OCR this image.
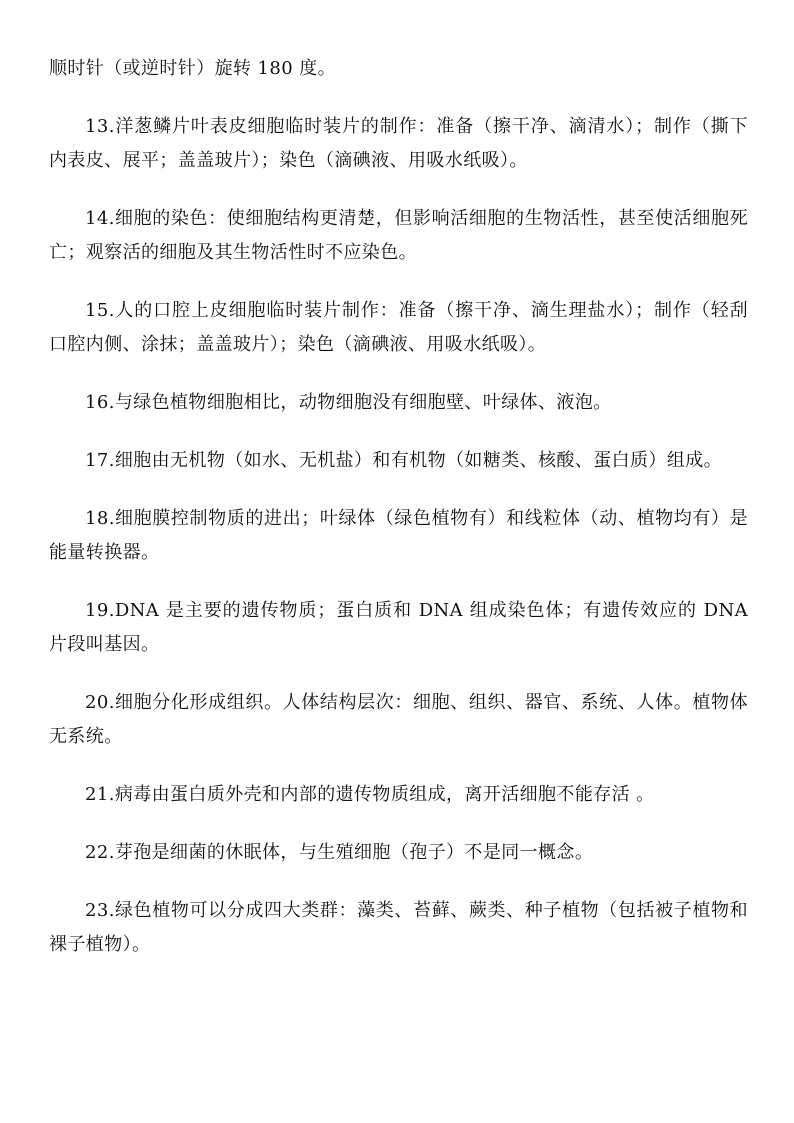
顺时针（或逆时针）旋转 180 度。

13.洋葱鳞片叶表皮细胞临时装片的制作：准备（擦干净、滴清水）；制作（撕下内表皮、展平；盖盖玻片）；染色（滴碘液、用吸水纸吸）。

14.细胞的染色：使细胞结构更清楚，但影响活细胞的生物活性，甚至使活细胞死亡；观察活的细胞及其生物活性时不应染色。

15.人的口腔上皮细胞临时装片制作：准备（擦干净、滴生理盐水）；制作（轻刮口腔内侧、涂抹；盖盖玻片）；染色（滴碘液、用吸水纸吸）。

16.与绿色植物细胞相比，动物细胞没有细胞壁、叶绿体、液泡。

17.细胞由无机物（如水、无机盐）和有机物（如糖类、核酸、蛋白质）组成。

18.细胞膜控制物质的进出；叶绿体（绿色植物有）和线粒体（动、植物均有）是能量转换器。

19.DNA 是主要的遗传物质；蛋白质和 DNA 组成染色体；有遗传效应的 DNA 片段叫基因。

20.细胞分化形成组织。人体结构层次：细胞、组织、器官、系统、人体。植物体无系统。

21.病毒由蛋白质外壳和内部的遗传物质组成，离开活细胞不能存活 。

22.芽孢是细菌的休眠体，与生殖细胞（孢子）不是同一概念。

23.绿色植物可以分成四大类群：藻类、苔藓、蕨类、种子植物（包括被子植物和裸子植物）。
